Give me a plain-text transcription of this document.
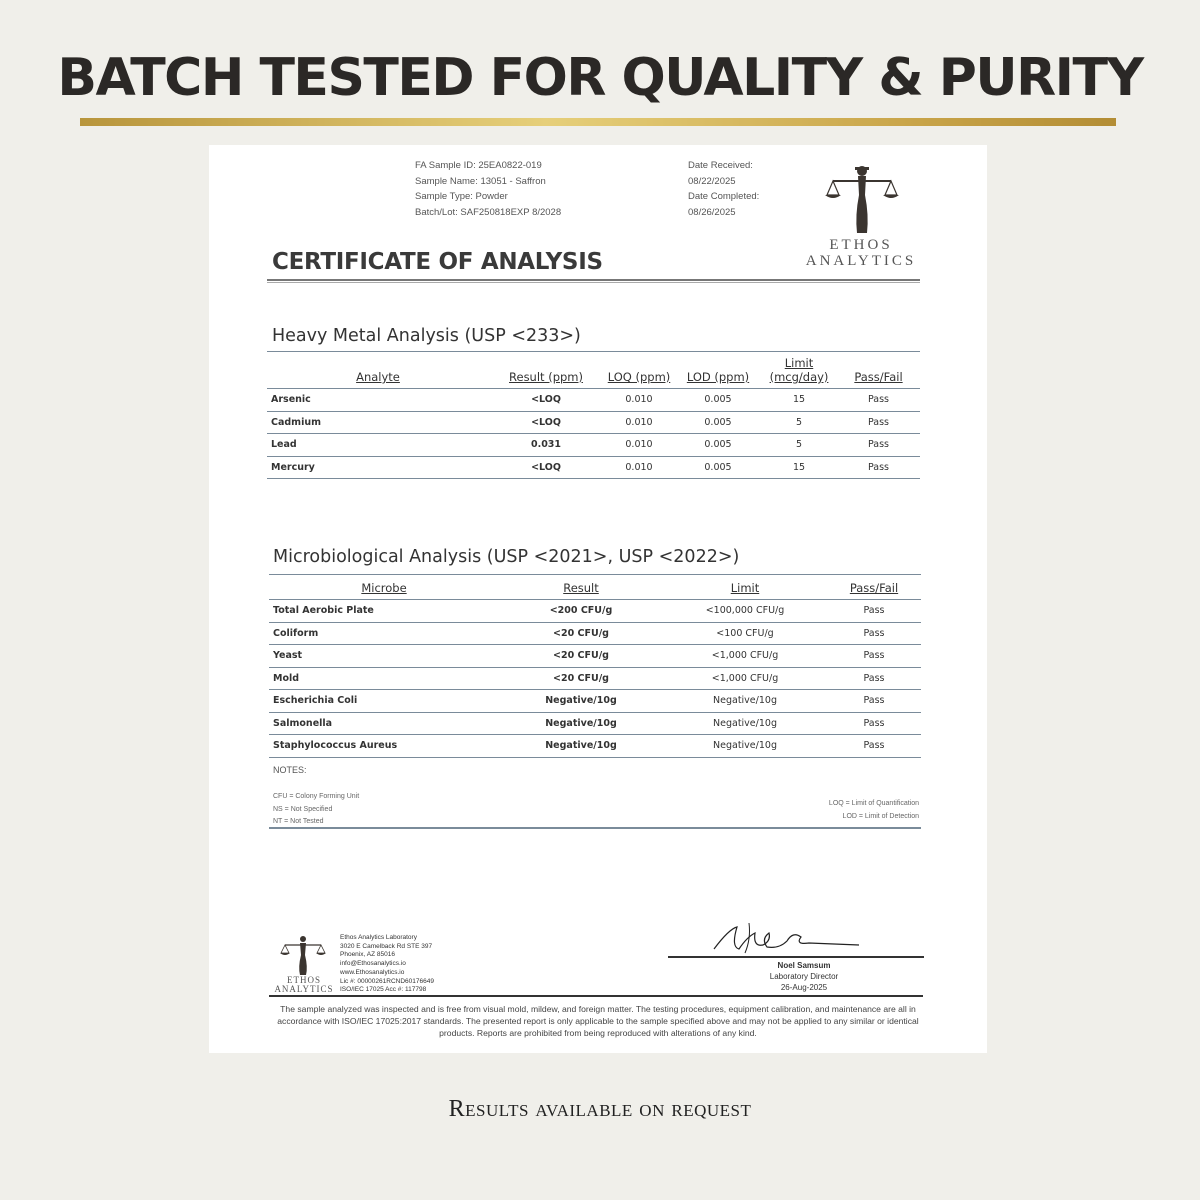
BATCH TESTED FOR QUALITY & PURITY
FA Sample ID: 25EA0822-019
Sample Name: 13051 - Saffron
Sample Type: Powder
Batch/Lot: SAF250818EXP 8/2028
Date Received:
08/22/2025
Date Completed:
08/26/2025
ETHOS
ANALYTICS
CERTIFICATE OF ANALYSIS
Heavy Metal Analysis (USP <233>)
Analyte	Result (ppm)	LOQ (ppm)	LOD (ppm)	Limit (mcg/day)	Pass/Fail
Arsenic	<LOQ	0.010	0.005	15	Pass
Cadmium	<LOQ	0.010	0.005	5	Pass
Lead	0.031	0.010	0.005	5	Pass
Mercury	<LOQ	0.010	0.005	15	Pass
Microbiological Analysis (USP <2021>, USP <2022>)
Microbe	Result	Limit	Pass/Fail
Total Aerobic Plate	<200 CFU/g	<100,000 CFU/g	Pass
Coliform	<20 CFU/g	<100 CFU/g	Pass
Yeast	<20 CFU/g	<1,000 CFU/g	Pass
Mold	<20 CFU/g	<1,000 CFU/g	Pass
Escherichia Coli	Negative/10g	Negative/10g	Pass
Salmonella	Negative/10g	Negative/10g	Pass
Staphylococcus Aureus	Negative/10g	Negative/10g	Pass
NOTES:
CFU = Colony Forming Unit
NS = Not Specified
NT = Not Tested
LOQ = Limit of Quantification
LOD = Limit of Detection
ETHOS
ANALYTICS
Ethos Analytics Laboratory
3020 E Camelback Rd STE 397
Phoenix, AZ 85016
info@Ethosanalytics.io
www.Ethosanalytics.io
Lic #: 00000261RCND60176649
ISO/IEC 17025 Acc #: 117798
Noel Samsum
Laboratory Director
26-Aug-2025
The sample analyzed was inspected and is free from visual mold, mildew, and foreign matter. The testing procedures, equipment calibration, and maintenance are all in accordance with ISO/IEC 17025:2017 standards. The presented report is only applicable to the sample specified above and may not be applied to any similar or identical products. Reports are prohibited from being reproduced with alterations of any kind.
Results available on request
